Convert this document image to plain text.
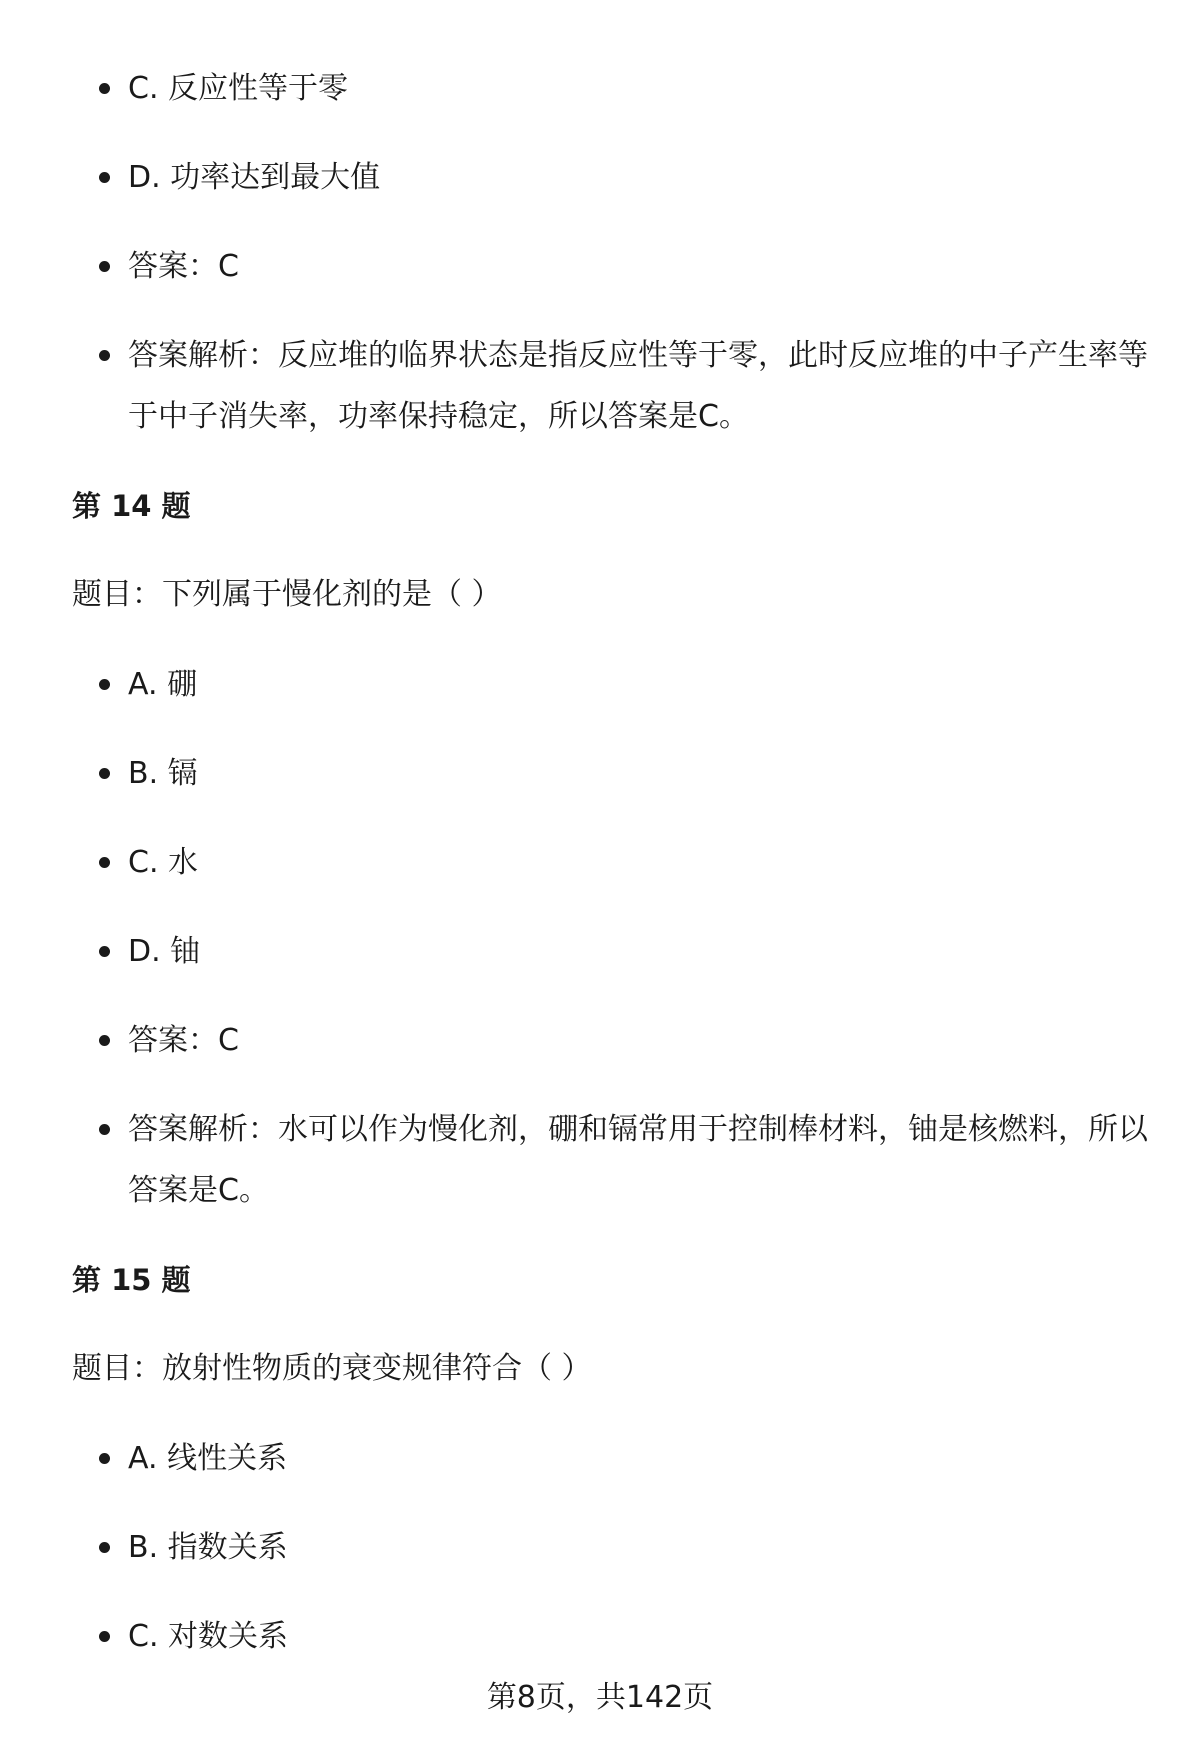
C. 反应性等于零
D. 功率达到最大值
答案：C
答案解析：反应堆的临界状态是指反应性等于零，此时反应堆的中子产生率等于中子消失率，功率保持稳定，所以答案是C。
第 14 题
题目：下列属于慢化剂的是（ ）
A. 硼
B. 镉
C. 水
D. 铀
答案：C
答案解析：水可以作为慢化剂，硼和镉常用于控制棒材料，铀是核燃料，所以答案是C。
第 15 题
题目：放射性物质的衰变规律符合（ ）
A. 线性关系
B. 指数关系
C. 对数关系
第8页，共142页
